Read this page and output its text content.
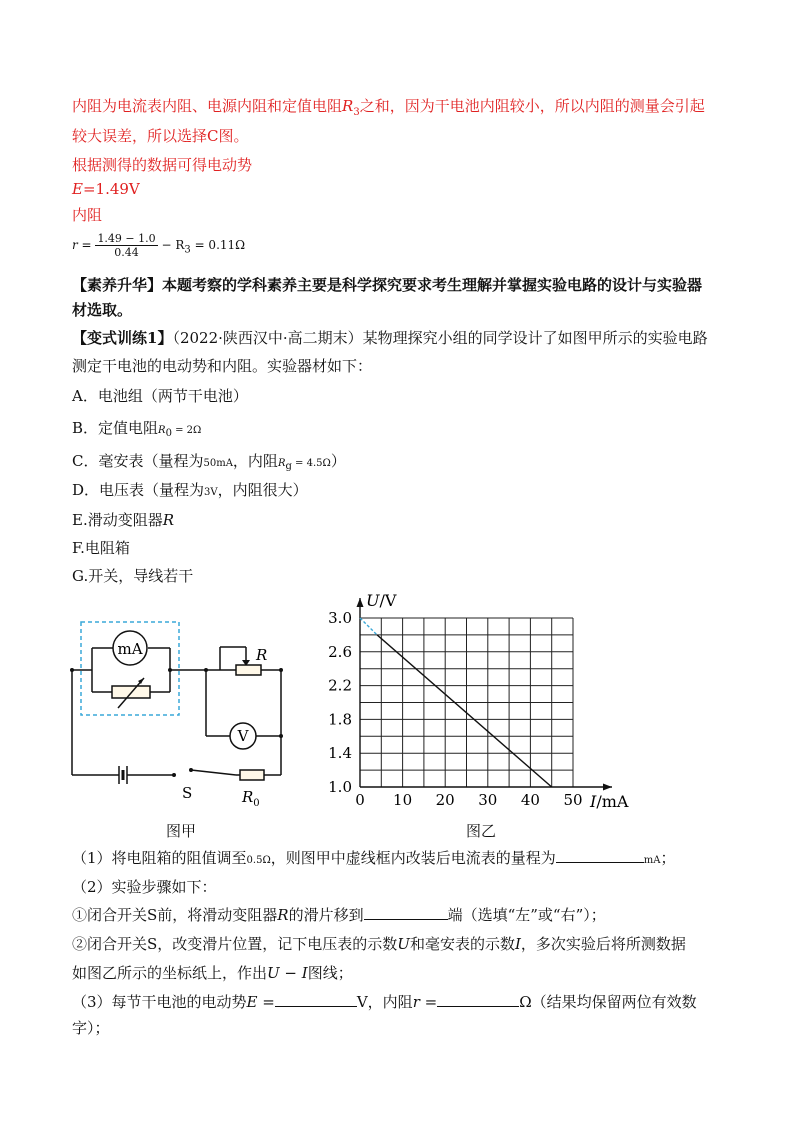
内阻为电流表内阻、电源内阻和定值电阻$R_3$之和，因为干电池内阻较小，所以内阻的测量会引起
较大误差，所以选择C图。
根据测得的数据可得电动势
E=1.49V
内阻
$r = \frac{1.49 - 1.0}{0.44} - R_3 = 0.11\Omega$
【素养升华】本题考察的学科素养主要是科学探究要求考生理解并掌握实验电路的设计与实验器
材选取。
【变式训练1】（2022·陕西汉中·高二期末）某物理探究小组的同学设计了如图甲所示的实验电路
测定干电池的电动势和内阻。实验器材如下：
A．电池组（两节干电池）
B．定值电阻$R_0 = 2\Omega$
C．毫安表（量程为50mA，内阻$R_g = 4.5\Omega$）
D．电压表（量程为3V，内阻很大）
E.滑动变阻器R
F.电阻箱
G.开关，导线若干
mA	R
V
$R_0$
S
图甲
10 20 30 40 50
1.0
1.4
1.8
2.2
2.6
3.0
U/V
I/mA
0
图乙
（1）将电阻箱的阻值调至0.5Ω，则图甲中虚线框内改装后电流表的量程为	mA；
（2）实验步骤如下：
①闭合开关S前，将滑动变阻器R的滑片移到	端（选填“左”或“右”）；
②闭合开关S，改变滑片位置，记下电压表的示数U和毫安表的示数I，多次实验后将所测数据
如图乙所示的坐标纸上，作出U − I图线；
（3）每节干电池的电动势E =	V，内阻r =	Ω（结果均保留两位有效数
字）；
